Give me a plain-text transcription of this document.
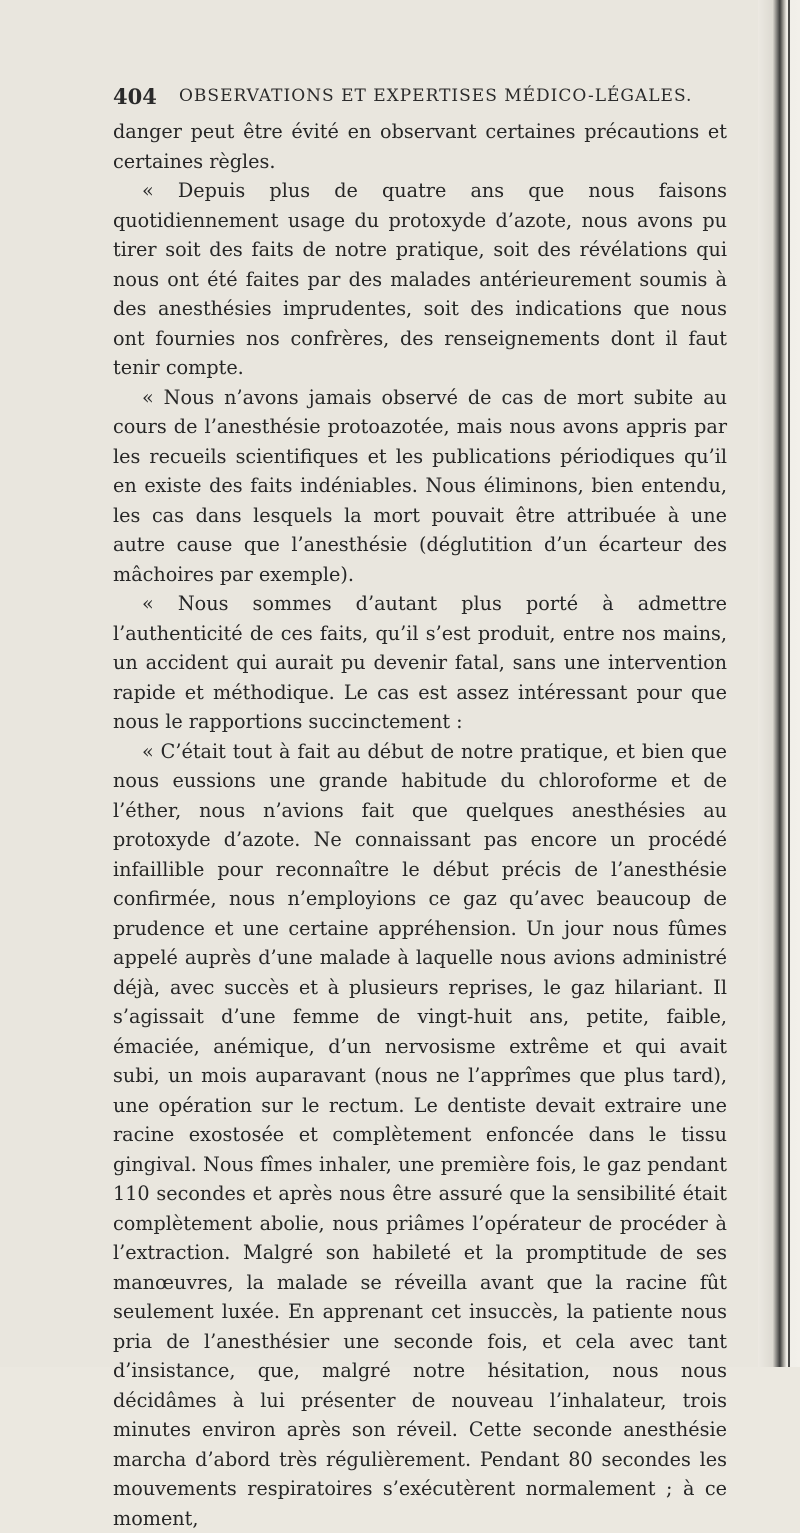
404 OBSERVATIONS ET EXPERTISES MÉDICO-LÉGALES.

danger peut être évité en observant certaines précautions et certaines règles.

« Depuis plus de quatre ans que nous faisons quotidiennement usage du protoxyde d’azote, nous avons pu tirer soit des faits de notre pratique, soit des révélations qui nous ont été faites par des malades antérieurement soumis à des anesthésies imprudentes, soit des indications que nous ont fournies nos confrères, des renseignements dont il faut tenir compte.

« Nous n’avons jamais observé de cas de mort subite au cours de l’anesthésie protoazotée, mais nous avons appris par les recueils scientifiques et les publications périodiques qu’il en existe des faits indéniables. Nous éliminons, bien entendu, les cas dans lesquels la mort pouvait être attribuée à une autre cause que l’anesthésie (déglutition d’un écarteur des mâchoires par exemple).

« Nous sommes d’autant plus porté à admettre l’authenticité de ces faits, qu’il s’est produit, entre nos mains, un accident qui aurait pu devenir fatal, sans une intervention rapide et méthodique. Le cas est assez intéressant pour que nous le rapportions succinctement :

« C’était tout à fait au début de notre pratique, et bien que nous eussions une grande habitude du chloroforme et de l’éther, nous n’avions fait que quelques anesthésies au protoxyde d’azote. Ne connaissant pas encore un procédé infaillible pour reconnaître le début précis de l’anesthésie confirmée, nous n’employions ce gaz qu’avec beaucoup de prudence et une certaine appréhension. Un jour nous fûmes appelé auprès d’une malade à laquelle nous avions administré déjà, avec succès et à plusieurs reprises, le gaz hilariant. Il s’agissait d’une femme de vingt-huit ans, petite, faible, émaciée, anémique, d’un nervosisme extrême et qui avait subi, un mois auparavant (nous ne l’apprîmes que plus tard), une opération sur le rectum. Le dentiste devait extraire une racine exostosée et complètement enfoncée dans le tissu gingival. Nous fîmes inhaler, une première fois, le gaz pendant 110 secondes et après nous être assuré que la sensibilité était complètement abolie, nous priâmes l’opérateur de procéder à l’extraction. Malgré son habileté et la promptitude de ses manœuvres, la malade se réveilla avant que la racine fût seulement luxée. En apprenant cet insuccès, la patiente nous pria de l’anesthésier une seconde fois, et cela avec tant d’insistance, que, malgré notre hésitation, nous nous décidâmes à lui présenter de nouveau l’inhalateur, trois minutes environ après son réveil. Cette seconde anesthésie marcha d’abord très régulièrement. Pendant 80 secondes les mouvements respiratoires s’exécutèrent normalement ; à ce moment,
